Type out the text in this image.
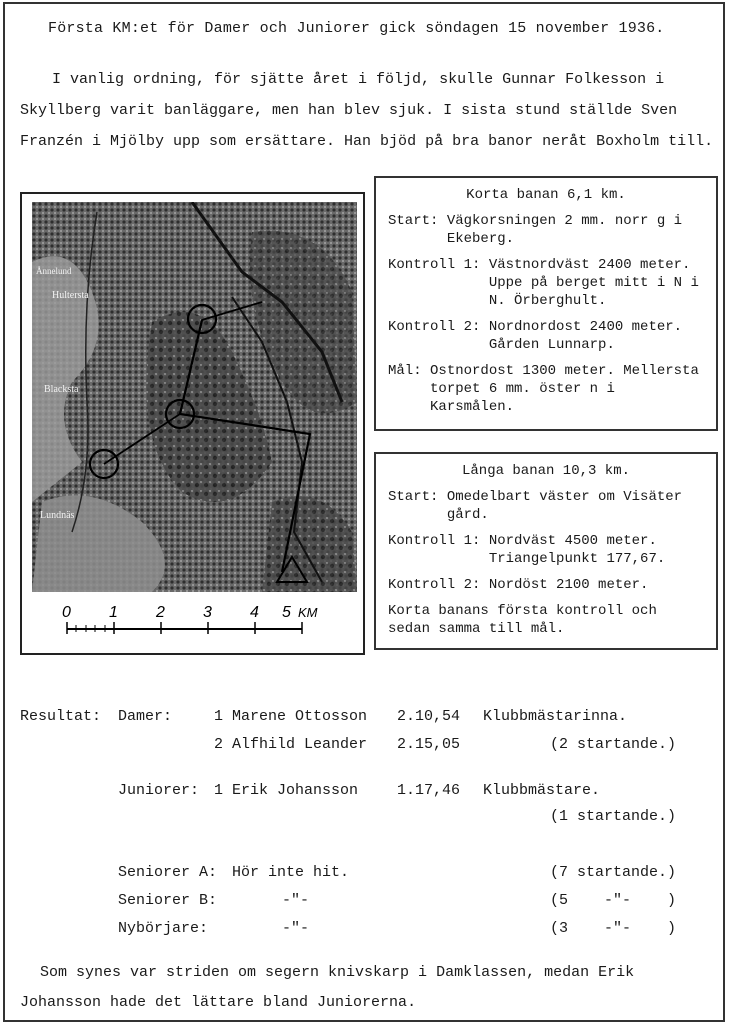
Första KM:et för Damer och Juniorer gick söndagen 15 november 1936.

I vanlig ordning, för sjätte året i följd, skulle Gunnar Folkesson i Skyllberg varit banläggare, men han blev sjuk. I sista stund ställde Sven Franzén i Mjölby upp som ersättare. Han bjöd på bra banor neråt Boxholm till.

Hultersta
Blacksta
Ånnelund
Lundnäs
0 1 2 3 4 5 KM
Korta banan 6,1 km.
Start: Vägkorsningen 2 mm. norr g i Ekeberg.
Kontroll 1: Västnordväst 2400 meter. Uppe på berget mitt i N i N. Örberghult.
Kontroll 2: Nordnordost 2400 meter. Gården Lunnarp.
Mål: Ostnordost 1300 meter. Mellersta torpet 6 mm. öster n i Karsmålen.
Långa banan 10,3 km.
Start: Omedelbart väster om Visäter gård.
Kontroll 1: Nordväst 4500 meter. Triangelpunkt 177,67.
Kontroll 2: Nordöst 2100 meter.
Korta banans första kontroll och sedan samma till mål.
Resultat: Damer:	1 Marene Ottosson 2.10,54 Klubbmästarinna.
2 Alfhild Leander 2.15,05	(2 startande.)
Juniorer: 1 Erik Johansson	1.17,46 Klubbmästare.
(1 startande.)
Seniorer A: Hör inte hit.	(7 startande.)
Seniorer B:	-"-	(5    -"-    )
Nybörjare:	-"-	(3    -"-    )

Som synes var striden om segern knivskarp i Damklassen, medan Erik Johansson hade det lättare bland Juniorerna.
